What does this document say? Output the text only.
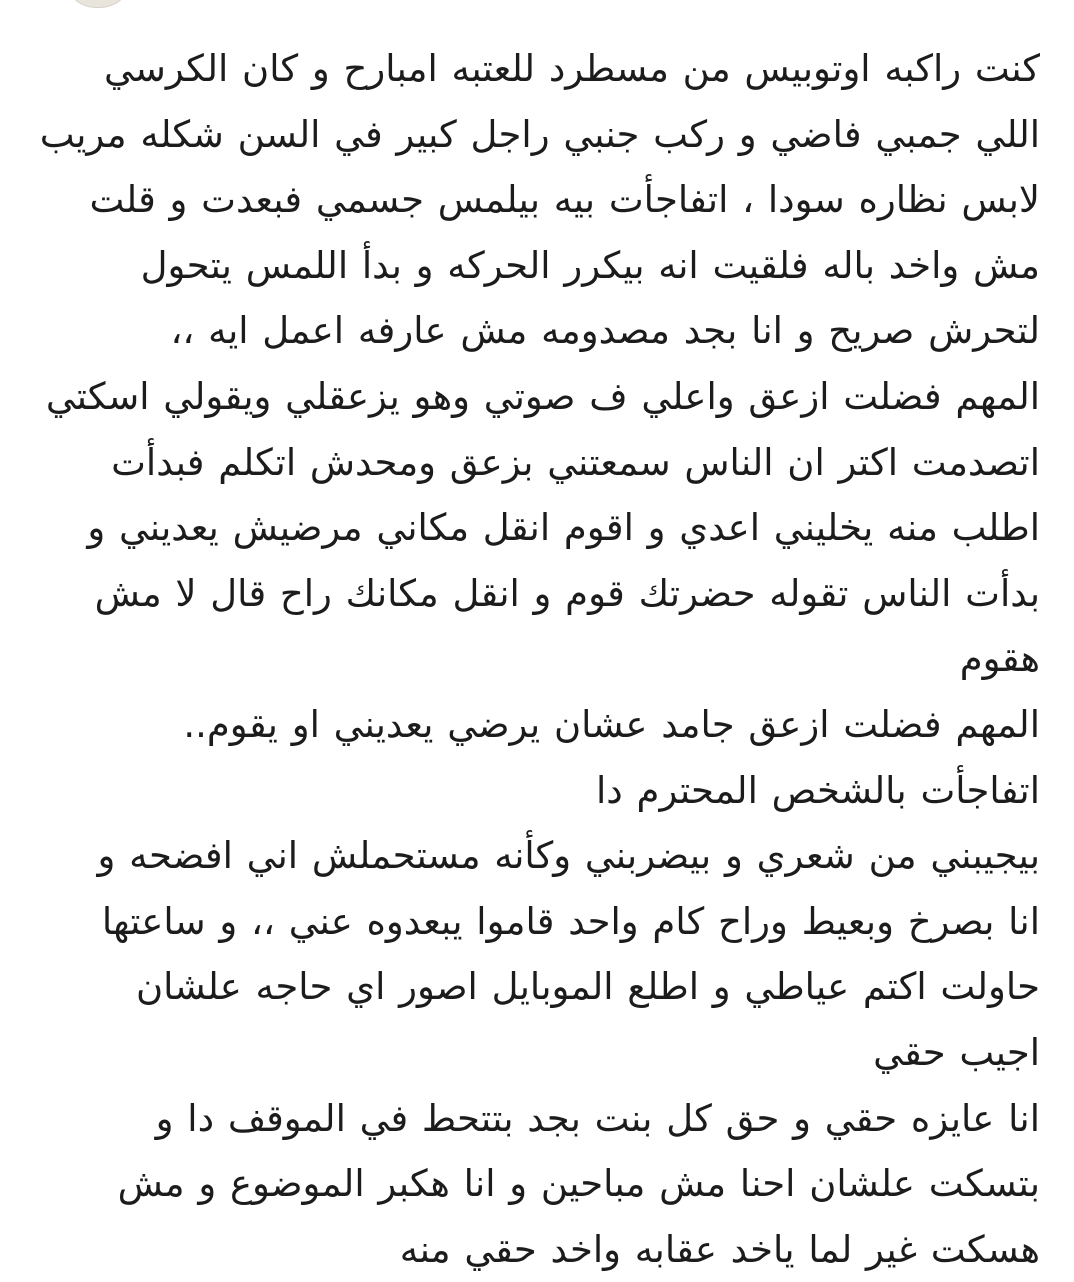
كنت راكبه اوتوبيس من مسطرد للعتبه امبارح و كان الكرسي
اللي جمبي فاضي و ركب جنبي راجل كبير في السن شكله مريب
لابس نظاره سودا ، اتفاجأت بيه بيلمس جسمي فبعدت و قلت
مش واخد باله فلقيت انه بيكرر الحركه و بدأ اللمس يتحول
لتحرش صريح و انا بجد مصدومه مش عارفه اعمل ايه ،،
المهم فضلت ازعق واعلي ف صوتي وهو يزعقلي ويقولي اسكتي
اتصدمت اكتر ان الناس سمعتني بزعق ومحدش اتكلم فبدأت
اطلب منه يخليني اعدي و اقوم انقل مكاني مرضيش يعديني و
بدأت الناس تقوله حضرتك قوم و انقل مكانك راح قال لا مش
هقوم
المهم فضلت ازعق جامد عشان يرضي يعديني او يقوم..
اتفاجأت بالشخص المحترم دا
بيجيبني من شعري و بيضربني وكأنه مستحملش اني افضحه و
انا بصرخ وبعيط وراح كام واحد قاموا يبعدوه عني ،، و ساعتها
حاولت اكتم عياطي و اطلع الموبايل اصور اي حاجه علشان
اجيب حقي
انا عايزه حقي و حق كل بنت بجد بتتحط في الموقف دا و
بتسكت علشان احنا مش مباحين و انا هكبر الموضوع و مش
هسكت غير لما ياخد عقابه واخد حقي منه
